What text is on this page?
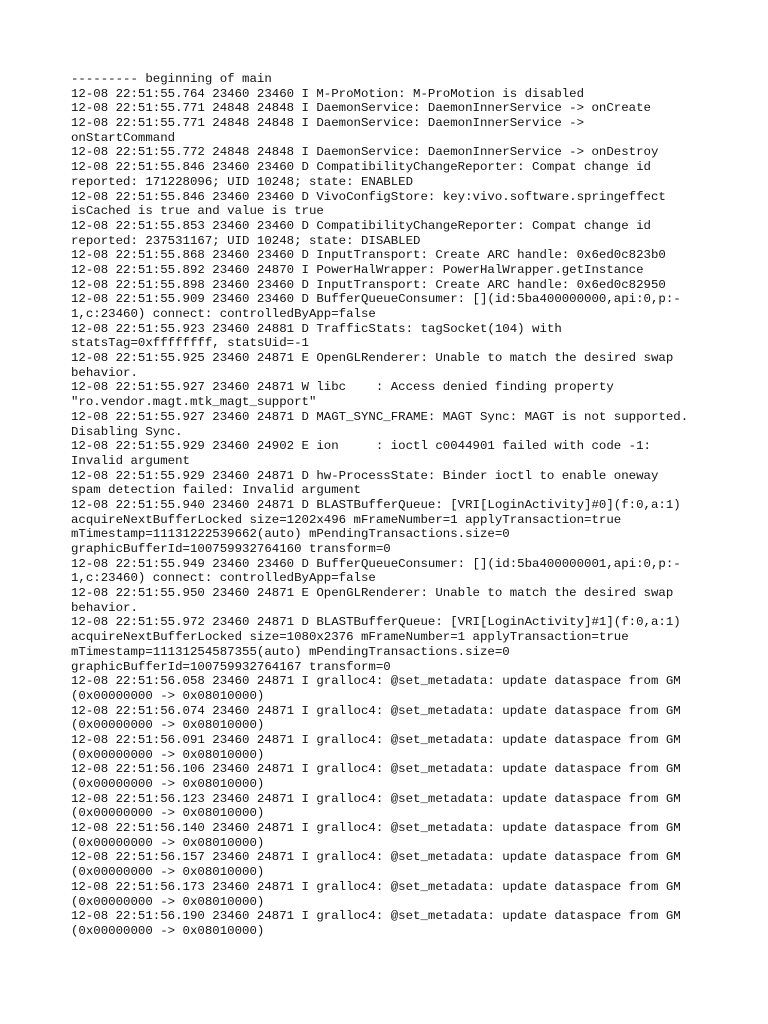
--------- beginning of main
12-08 22:51:55.764 23460 23460 I M-ProMotion: M-ProMotion is disabled
12-08 22:51:55.771 24848 24848 I DaemonService: DaemonInnerService -> onCreate
12-08 22:51:55.771 24848 24848 I DaemonService: DaemonInnerService ->
onStartCommand
12-08 22:51:55.772 24848 24848 I DaemonService: DaemonInnerService -> onDestroy
12-08 22:51:55.846 23460 23460 D CompatibilityChangeReporter: Compat change id
reported: 171228096; UID 10248; state: ENABLED
12-08 22:51:55.846 23460 23460 D VivoConfigStore: key:vivo.software.springeffect
isCached is true and value is true
12-08 22:51:55.853 23460 23460 D CompatibilityChangeReporter: Compat change id
reported: 237531167; UID 10248; state: DISABLED
12-08 22:51:55.868 23460 23460 D InputTransport: Create ARC handle: 0x6ed0c823b0
12-08 22:51:55.892 23460 24870 I PowerHalWrapper: PowerHalWrapper.getInstance
12-08 22:51:55.898 23460 23460 D InputTransport: Create ARC handle: 0x6ed0c82950
12-08 22:51:55.909 23460 23460 D BufferQueueConsumer: [](id:5ba400000000,api:0,p:-
1,c:23460) connect: controlledByApp=false
12-08 22:51:55.923 23460 24881 D TrafficStats: tagSocket(104) with
statsTag=0xffffffff, statsUid=-1
12-08 22:51:55.925 23460 24871 E OpenGLRenderer: Unable to match the desired swap
behavior.
12-08 22:51:55.927 23460 24871 W libc    : Access denied finding property
"ro.vendor.magt.mtk_magt_support"
12-08 22:51:55.927 23460 24871 D MAGT_SYNC_FRAME: MAGT Sync: MAGT is not supported.
Disabling Sync.
12-08 22:51:55.929 23460 24902 E ion     : ioctl c0044901 failed with code -1:
Invalid argument
12-08 22:51:55.929 23460 24871 D hw-ProcessState: Binder ioctl to enable oneway
spam detection failed: Invalid argument
12-08 22:51:55.940 23460 24871 D BLASTBufferQueue: [VRI[LoginActivity]#0](f:0,a:1)
acquireNextBufferLocked size=1202x496 mFrameNumber=1 applyTransaction=true
mTimestamp=11131222539662(auto) mPendingTransactions.size=0
graphicBufferId=100759932764160 transform=0
12-08 22:51:55.949 23460 23460 D BufferQueueConsumer: [](id:5ba400000001,api:0,p:-
1,c:23460) connect: controlledByApp=false
12-08 22:51:55.950 23460 24871 E OpenGLRenderer: Unable to match the desired swap
behavior.
12-08 22:51:55.972 23460 24871 D BLASTBufferQueue: [VRI[LoginActivity]#1](f:0,a:1)
acquireNextBufferLocked size=1080x2376 mFrameNumber=1 applyTransaction=true
mTimestamp=11131254587355(auto) mPendingTransactions.size=0
graphicBufferId=100759932764167 transform=0
12-08 22:51:56.058 23460 24871 I gralloc4: @set_metadata: update dataspace from GM
(0x00000000 -> 0x08010000)
12-08 22:51:56.074 23460 24871 I gralloc4: @set_metadata: update dataspace from GM
(0x00000000 -> 0x08010000)
12-08 22:51:56.091 23460 24871 I gralloc4: @set_metadata: update dataspace from GM
(0x00000000 -> 0x08010000)
12-08 22:51:56.106 23460 24871 I gralloc4: @set_metadata: update dataspace from GM
(0x00000000 -> 0x08010000)
12-08 22:51:56.123 23460 24871 I gralloc4: @set_metadata: update dataspace from GM
(0x00000000 -> 0x08010000)
12-08 22:51:56.140 23460 24871 I gralloc4: @set_metadata: update dataspace from GM
(0x00000000 -> 0x08010000)
12-08 22:51:56.157 23460 24871 I gralloc4: @set_metadata: update dataspace from GM
(0x00000000 -> 0x08010000)
12-08 22:51:56.173 23460 24871 I gralloc4: @set_metadata: update dataspace from GM
(0x00000000 -> 0x08010000)
12-08 22:51:56.190 23460 24871 I gralloc4: @set_metadata: update dataspace from GM
(0x00000000 -> 0x08010000)
